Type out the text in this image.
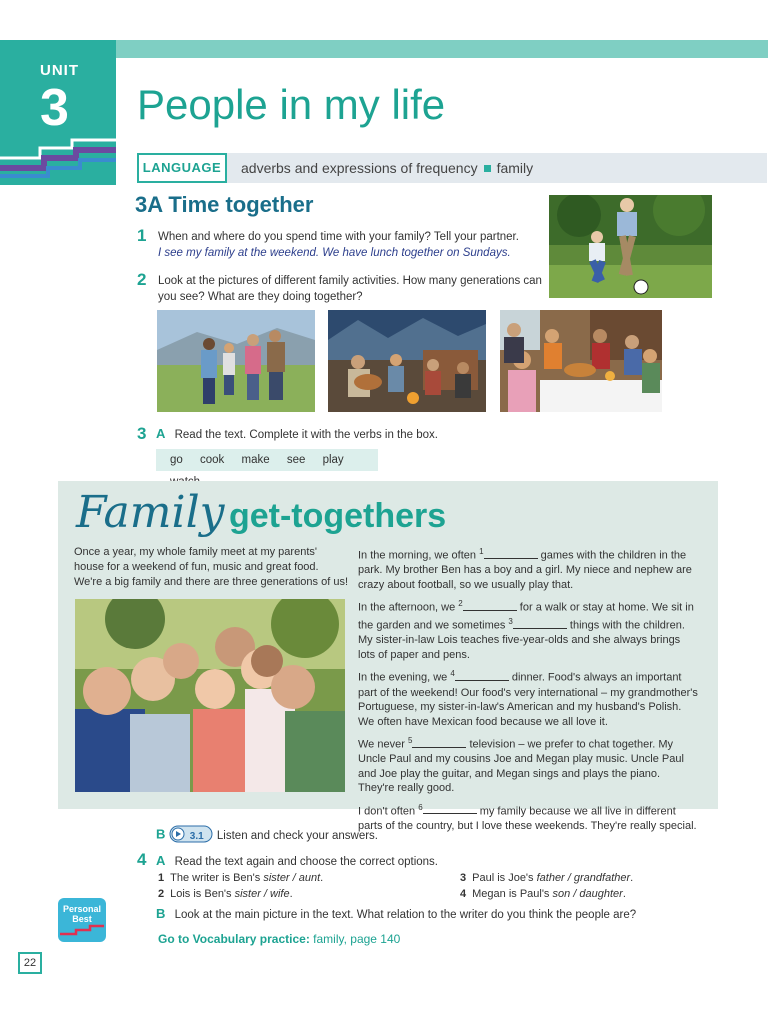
UNIT
3 People in my life
LANGUAGE	adverbs and expressions of frequency family
3A Time together
1 When and where do you spend time with your family? Tell your partner.
I see my family at the weekend. We have lunch together on Sundays.
2 Look at the pictures of different family activities. How many generations can you see? What are they doing together?
3 A Read the text. Complete it with the verbs in the box.
go cook make see play
Family get-togethers
Once a year, my whole family meet at my parents' house for a weekend of fun, music and great food. We're a big family and there are three generations of us!

In the morning, we often $^1$	games with the children in the park. My brother Ben has a boy and a girl. My niece and nephew are crazy about football, so we usually play that.

In the afternoon, we $^2$	for a walk or stay at home. We sit in the garden and we sometimes $^3$	things with the children. My sister-in-law Lois teaches five-year-olds and she always brings lots of paper and pens.

In the evening, we $^4$	dinner. Food's always an important part of the weekend! Our food's very international – my grandmother's Portuguese, my sister-in-law's American and my husband's Polish. We often have Mexican food because we all love it.

We never $^5$	television – we prefer to chat together. My Uncle Paul and my cousins Joe and Megan play music. Uncle Paul and Joe play the guitar, and Megan sings and plays the piano. They're really good.

I don't often $^6$	my family because we all live in different parts of the country, but I love these weekends. They're really special.

B 3.1 Listen and check your answers.
4 A Read the text again and choose the correct options.
1 The writer is Ben's sister / aunt.
2 Lois is Ben's sister / wife.
3 Paul is Joe's father / grandfather.
4 Megan is Paul's son / daughter.
B Look at the main picture in the text. What relation to the writer do you think the people are?
Personal
Best
Go to Vocabulary practice: family, page 140
22
